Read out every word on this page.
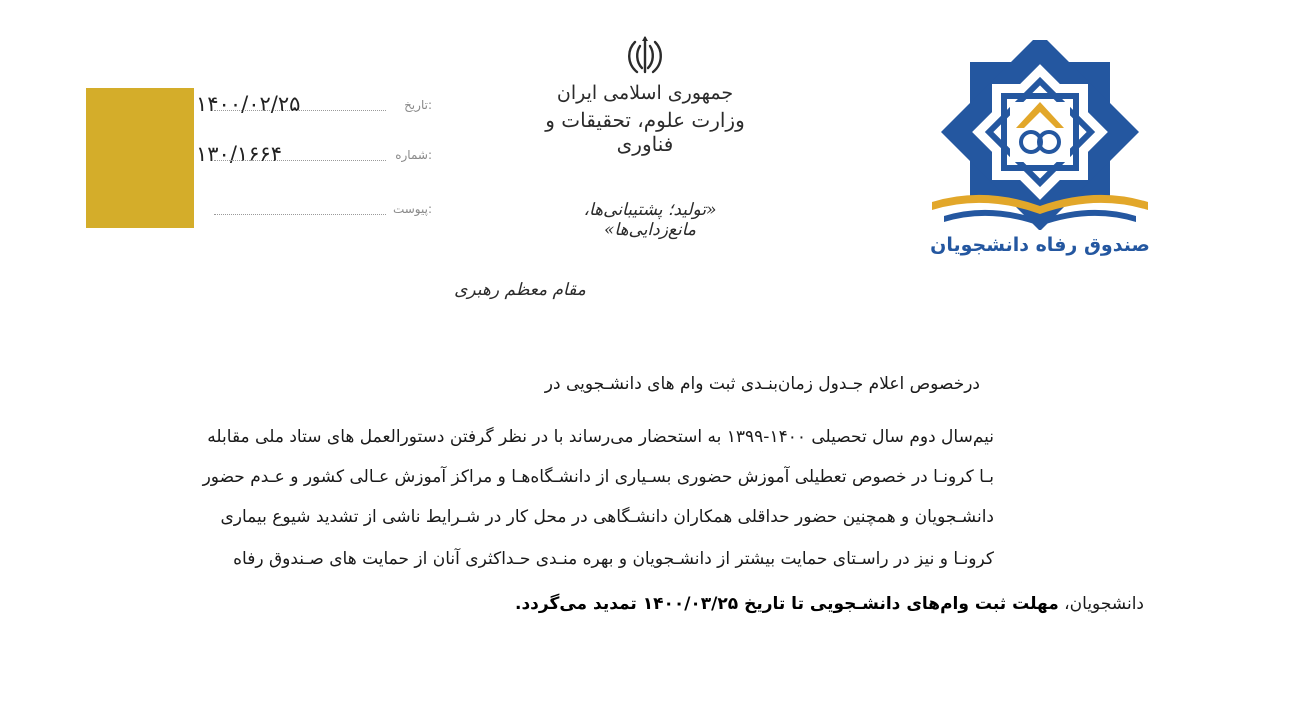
۱۴۰۰/۰۲/۲۵	تاریخ:
۱۳۰/۱۶۶۴	شماره:
پیوست:
جمهوری اسلامی ایران
وزارت علوم، تحقیقات و فناوری
«تولید؛ پشتیبانی‌ها، مانع‌زدایی‌ها»
مقام معظم رهبری
صندوق رفاه دانشجویان
درخصوص اعلام جـدول زمان‌بنـدی ثبت وام های دانشـجویی در
نیم‌سال دوم سال تحصیلی ۱۴۰۰-۱۳۹۹ به استحضار می‌رساند با در نظر گرفتن دستورالعمل های ستاد ملی مقابله
بـا کرونـا در خصوص تعطیلی آموزش حضوری بسـیاری از دانشـگاه‌هـا و مراکز آموزش عـالی کشور و عـدم حضور
دانشـجویان و همچنین حضور حداقلی همکاران دانشـگاهی در محل کار در شـرایط ناشی از تشدید شیوع بیماری
کرونـا و نیز در راسـتای حمایت بیشتر از دانشـجویان و بهره منـدی حـداکثری آنان از حمایت های صـندوق رفاه
دانشجویان، مهلت ثبت وام‌های دانشـجویی تا تاریخ ۱۴۰۰/۰۳/۲۵ تمدید می‌گردد.
